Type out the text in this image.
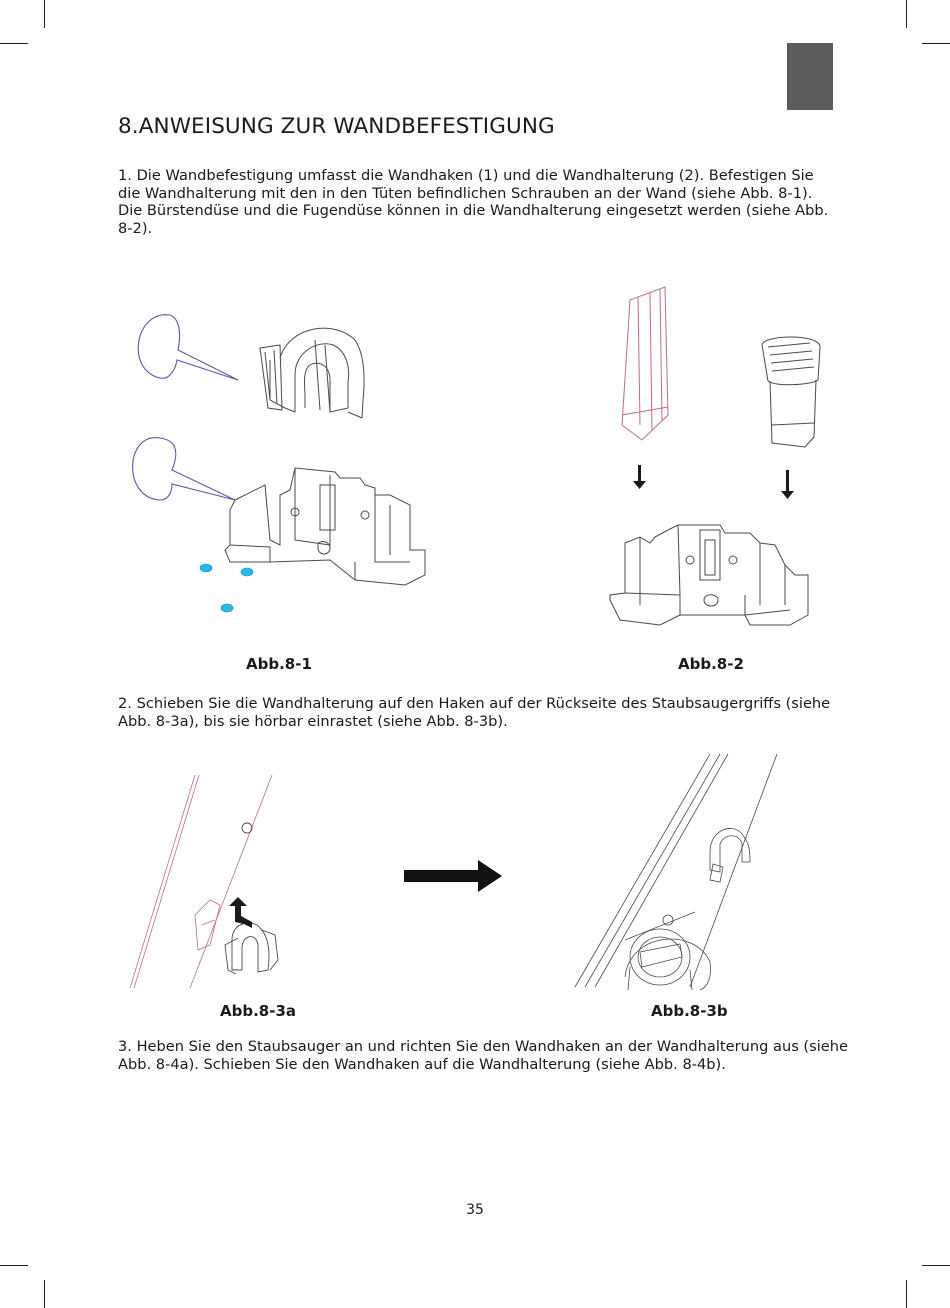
8.ANWEISUNG ZUR WANDBEFESTIGUNG
1. Die Wandbefestigung umfasst die Wandhaken (1) und die Wandhalterung (2). Befestigen Sie die Wandhalterung mit den in den Tüten befindlichen Schrauben an der Wand (siehe Abb. 8-1). Die Bürstendüse und die Fugendüse können in die Wandhalterung eingesetzt werden (siehe Abb. 8-2).
Abb.8-1	Abb.8-2
2. Schieben Sie die Wandhalterung auf den Haken auf der Rückseite des Staubsaugergriffs (siehe Abb. 8-3a), bis sie hörbar einrastet (siehe Abb. 8-3b).
Abb.8-3a	Abb.8-3b
3. Heben Sie den Staubsauger an und richten Sie den Wandhaken an der Wandhalterung aus (siehe Abb. 8-4a). Schieben Sie den Wandhaken auf die Wandhalterung (siehe Abb. 8-4b).
35
